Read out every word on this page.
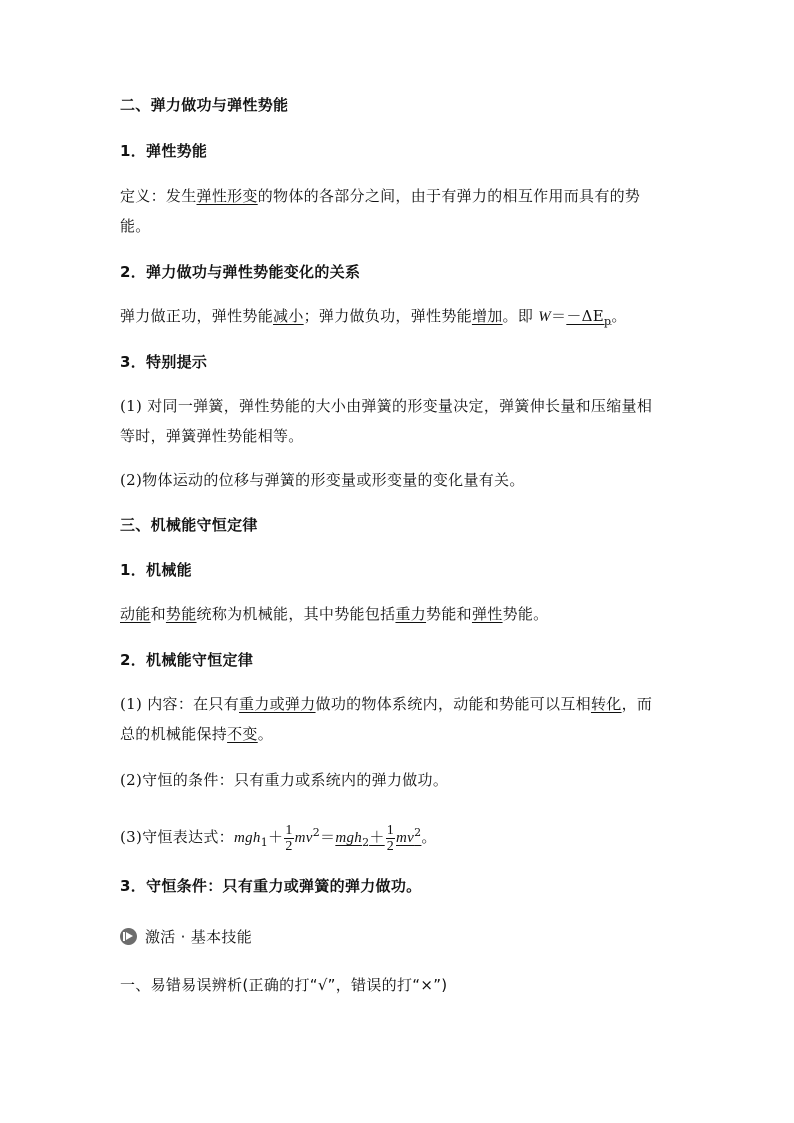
二、弹力做功与弹性势能
1．弹性势能
定义：发生弹性形变的物体的各部分之间，由于有弹力的相互作用而具有的势
能。
2．弹力做功与弹性势能变化的关系
弹力做正功，弹性势能减小；弹力做负功，弹性势能增加。即 $W=-\Delta E_p$。
3．特别提示
(1) 对同一弹簧，弹性势能的大小由弹簧的形变量决定，弹簧伸长量和压缩量相
等时，弹簧弹性势能相等。
(2)物体运动的位移与弹簧的形变量或形变量的变化量有关。
三、机械能守恒定律
1．机械能
动能和势能统称为机械能，其中势能包括重力势能和弹性势能。
2．机械能守恒定律
(1) 内容：在只有重力或弹力做功的物体系统内，动能和势能可以互相转化，而
总的机械能保持不变。
(2)守恒的条件：只有重力或系统内的弹力做功。
(3)守恒表达式：$mgh_1+ \frac{1}{2} mv^2=mgh_2+ \frac{1}{2} mv^2$。
3．守恒条件：只有重力或弹簧的弹力做功。
激活 · 基本技能
一、易错易误辨析(正确的打“√”，错误的打“×”)
